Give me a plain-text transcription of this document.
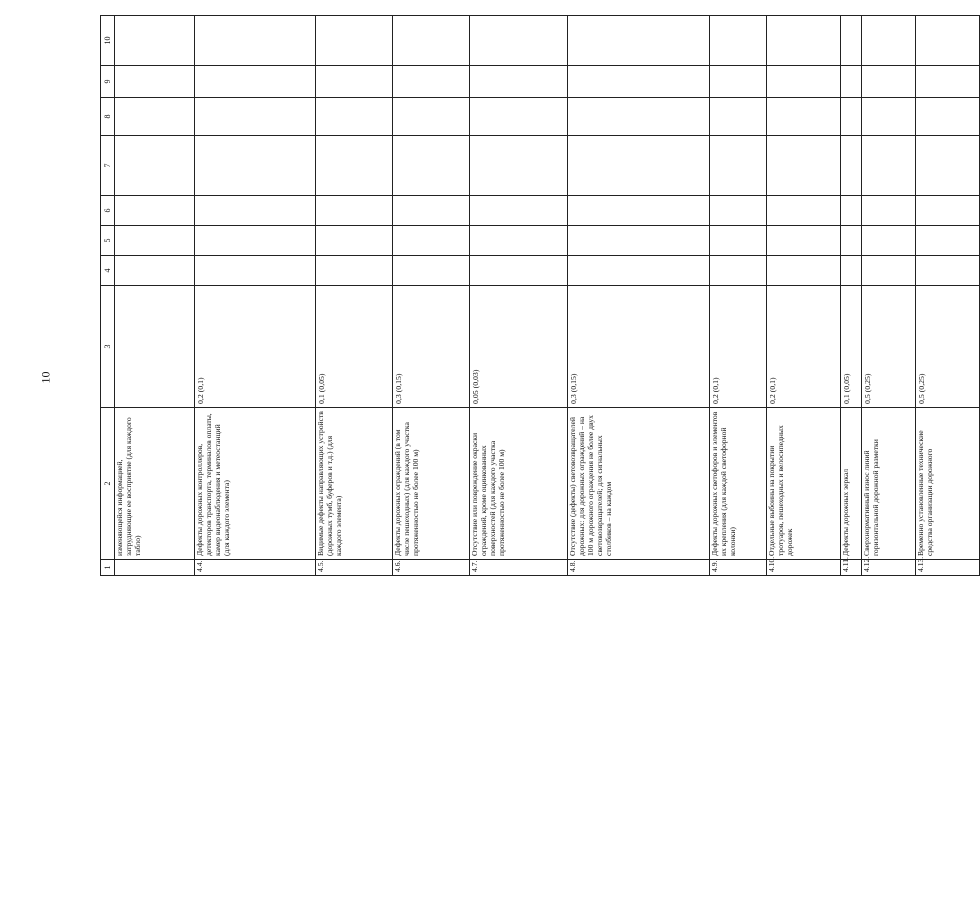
10
1	2	3	4	5	6	7	8	9	10
	изменяющейся информацией, затрудняющие ее восприятие (для каждого табло)								
4.4.	Дефекты дорожных контроллеров, детекторов транспорта, терминалов оплаты, камер видеонаблюдения и метеостанций (для каждого элемента)	0,2 (0,1)							
4.5.	Видимые дефекты направляющих устройств (дорожных тумб, буферов и т.д.) (для каждого элемента)	0,1 (0,05)							
4.6.	Дефекты дорожных ограждений (в том числе пешеходных) (для каждого участка протяженностью не более 100 м)	0,3 (0,15)							
4.7.	Отсутствие или повреждение окраски ограждений, кроме оцинкованных поверхностей (для каждого участка протяженностью не более 100 м)	0,05 (0,03)							
4.8.	Отсутствие (дефекты) световозвращателей дорожных: для дорожных ограждений – на 100 м дорожного ограждения не более двух световозвращателей; для сигнальных столбиков – на каждом	0,3 (0,15)							
4.9.	Дефекты дорожных светофоров и элементов их крепления (для каждой светофорной колонки)	0,2 (0,1)							
4.10.	Отдельные выбоины на покрытии тротуаров, пешеходных и велосипедных дорожек	0,2 (0,1)							
4.11.	Дефекты дорожных зеркал	0,1 (0,05)							
4.12.	Сверхнормативный износ линий горизонтальной дорожной разметки	0,5 (0,25)							
4.13.	Временно установленные технические средства организации дорожного	0,5 (0,25)							
